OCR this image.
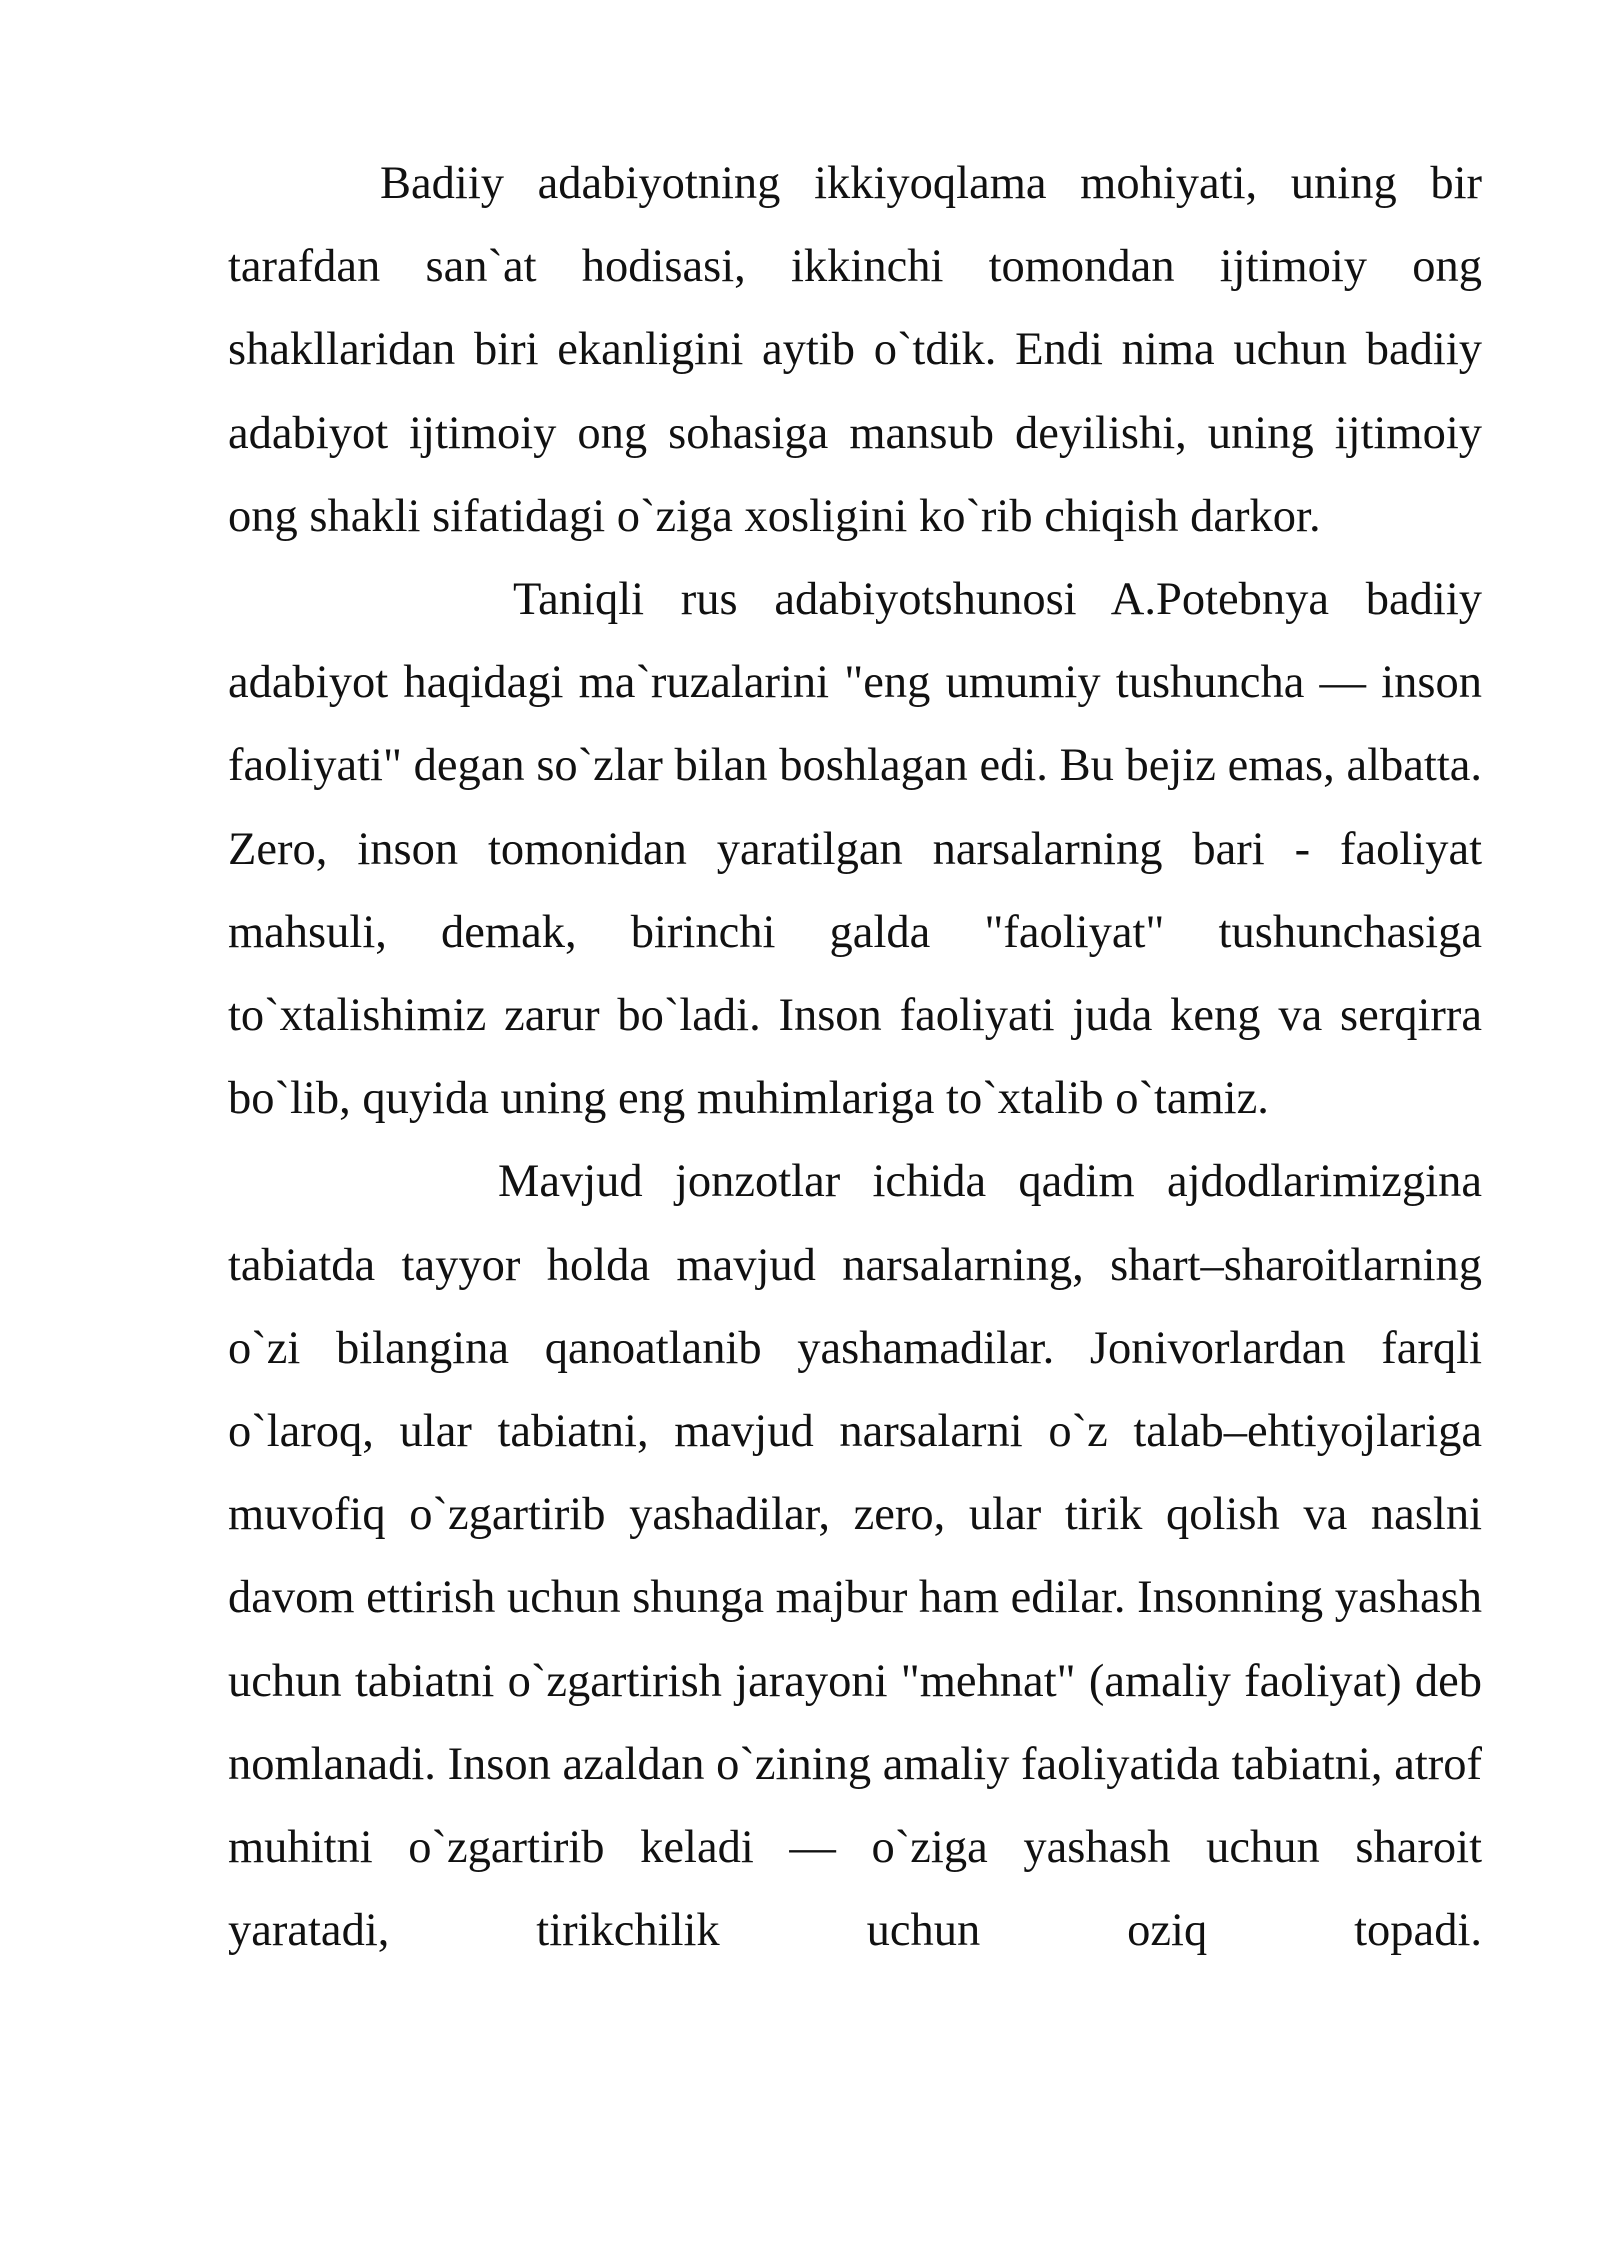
Badiiy adabiyotning ikkiyoqlama mohiyati, uning bir tarafdan san`at hodisasi, ikkinchi tomondan ijtimoiy ong shakllaridan biri ekanligini aytib o`tdik. Endi nima uchun badiiy adabiyot ijtimoiy ong sohasiga mansub deyilishi, uning ijtimoiy ong shakli sifatidagi o`ziga xosligini ko`rib chiqish darkor.

Taniqli rus adabiyotshunosi A.Potebnya badiiy adabiyot haqidagi ma`ruzalarini "eng umumiy tushuncha — inson faoliyati" degan so`zlar bilan boshlagan edi. Bu bejiz emas, albatta. Zero, inson tomonidan yaratilgan narsalarning bari - faoliyat mahsuli, demak, birinchi galda "faoliyat" tushunchasiga to`xtalishimiz zarur bo`ladi. Inson faoliyati juda keng va serqirra bo`lib, quyida uning eng muhimlariga to`xtalib o`tamiz.

Mavjud jonzotlar ichida qadim ajdodlarimizgina tabiatda tayyor holda mavjud narsalarning, shart–sharoitlarning o`zi bilangina qanoatlanib yashamadilar. Jonivorlardan farqli o`laroq, ular tabiatni, mavjud narsalarni o`z talab–ehtiyojlariga muvofiq o`zgartirib yashadilar, zero, ular tirik qolish va naslni davom ettirish uchun shunga majbur ham edilar. Insonning yashash uchun tabiatni o`zgartirish jarayoni "mehnat" (amaliy faoliyat) deb nomlanadi. Inson azaldan o`zining amaliy faoliyatida tabiatni, atrof muhitni o`zgartirib keladi — o`ziga yashash uchun sharoit yaratadi, tirikchilik uchun oziq topadi.
